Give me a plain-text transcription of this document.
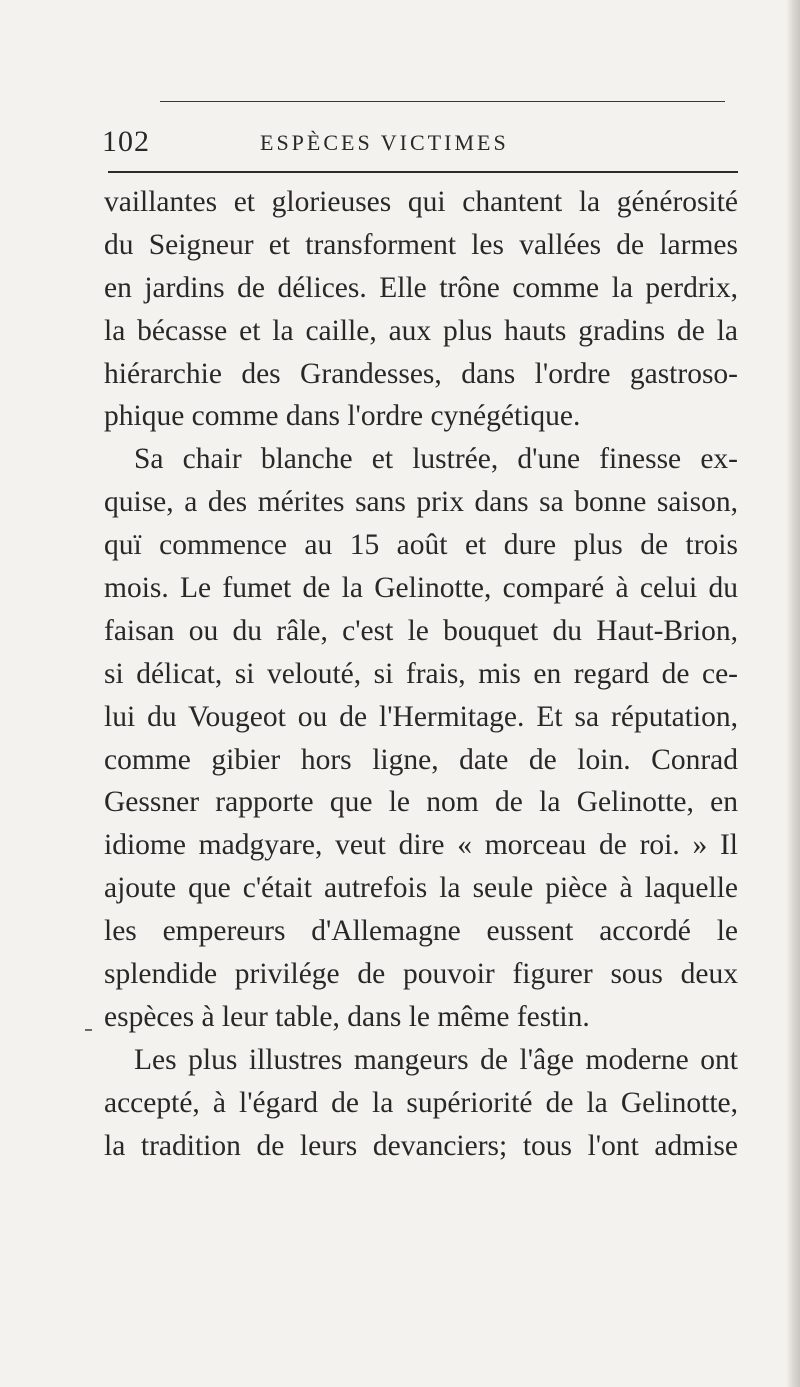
102	ESPÈCES VICTIMES
vaillantes et glorieuses qui chantent la générosité
du Seigneur et transforment les vallées de larmes
en jardins de délices. Elle trône comme la perdrix,
la bécasse et la caille, aux plus hauts gradins de la
hiérarchie des Grandesses, dans l'ordre gastroso-
phique comme dans l'ordre cynégétique.
Sa chair blanche et lustrée, d'une finesse ex-
quise, a des mérites sans prix dans sa bonne saison,
quï commence au 15 août et dure plus de trois
mois. Le fumet de la Gelinotte, comparé à celui du
faisan ou du râle, c'est le bouquet du Haut-Brion,
si délicat, si velouté, si frais, mis en regard de ce-
lui du Vougeot ou de l'Hermitage. Et sa réputation,
comme gibier hors ligne, date de loin. Conrad
Gessner rapporte que le nom de la Gelinotte, en
idiome madgyare, veut dire « morceau de roi. » Il
ajoute que c'était autrefois la seule pièce à laquelle
les empereurs d'Allemagne eussent accordé le
splendide privilége de pouvoir figurer sous deux
espèces à leur table, dans le même festin.
Les plus illustres mangeurs de l'âge moderne ont
accepté, à l'égard de la supériorité de la Gelinotte,
la tradition de leurs devanciers; tous l'ont admise
